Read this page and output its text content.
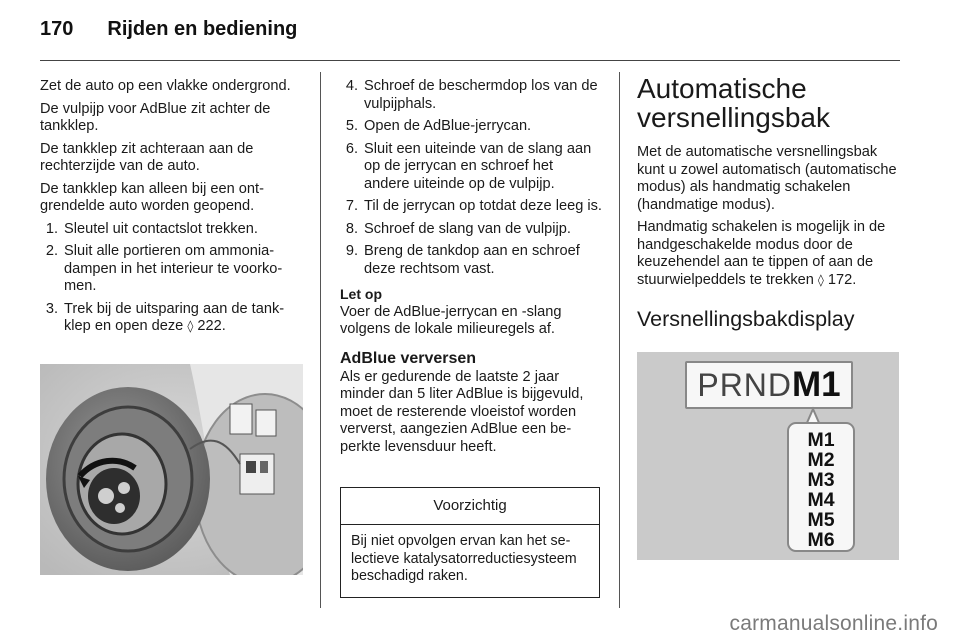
170 Rijden en bediening

Zet de auto op een vlakke ondergrond.

De vulpijp voor AdBlue zit achter de tankklep.

De tankklep zit achteraan aan de rechterzijde van de auto.

De tankklep kan alleen bij een ontgrendelde auto worden geopend.

1. Sleutel uit contactslot trekken.
2. Sluit alle portieren om ammoniadampen in het interieur te voorkomen.
3. Trek bij de uitsparing aan de tankklep en open deze ◊ 222.
4. Schroef de beschermdop los van de vulpijphals.
5. Open de AdBlue-jerrycan.
6. Sluit een uiteinde van de slang aan op de jerrycan en schroef het andere uiteinde op de vulpijp.
7. Til de jerrycan op totdat deze leeg is.
8. Schroef de slang van de vulpijp.
9. Breng de tankdop aan en schroef deze rechtsom vast.
Let op

Voer de AdBlue-jerrycan en -slang volgens de lokale milieuregels af.

AdBlue verversen

Als er gedurende de laatste 2 jaar minder dan 5 liter AdBlue is bijgevuld, moet de resterende vloeistof worden ververst, aangezien AdBlue een beperkte levensduur heeft.

Voorzichtig
Bij niet opvolgen ervan kan het selectieve katalysatorreductiesysteem beschadigd raken.
Automatische versnellingsbak

Met de automatische versnellingsbak kunt u zowel automatisch (automatische modus) als handmatig schakelen (handmatige modus).

Handmatig schakelen is mogelijk in de handgeschakelde modus door de keuzehendel aan te tippen of aan de stuurwielpeddels te trekken ◊ 172.

Versnellingsbakdisplay
PRNDM1
M1
M2
M3
M4
M5
M6
carmanualsonline.info
